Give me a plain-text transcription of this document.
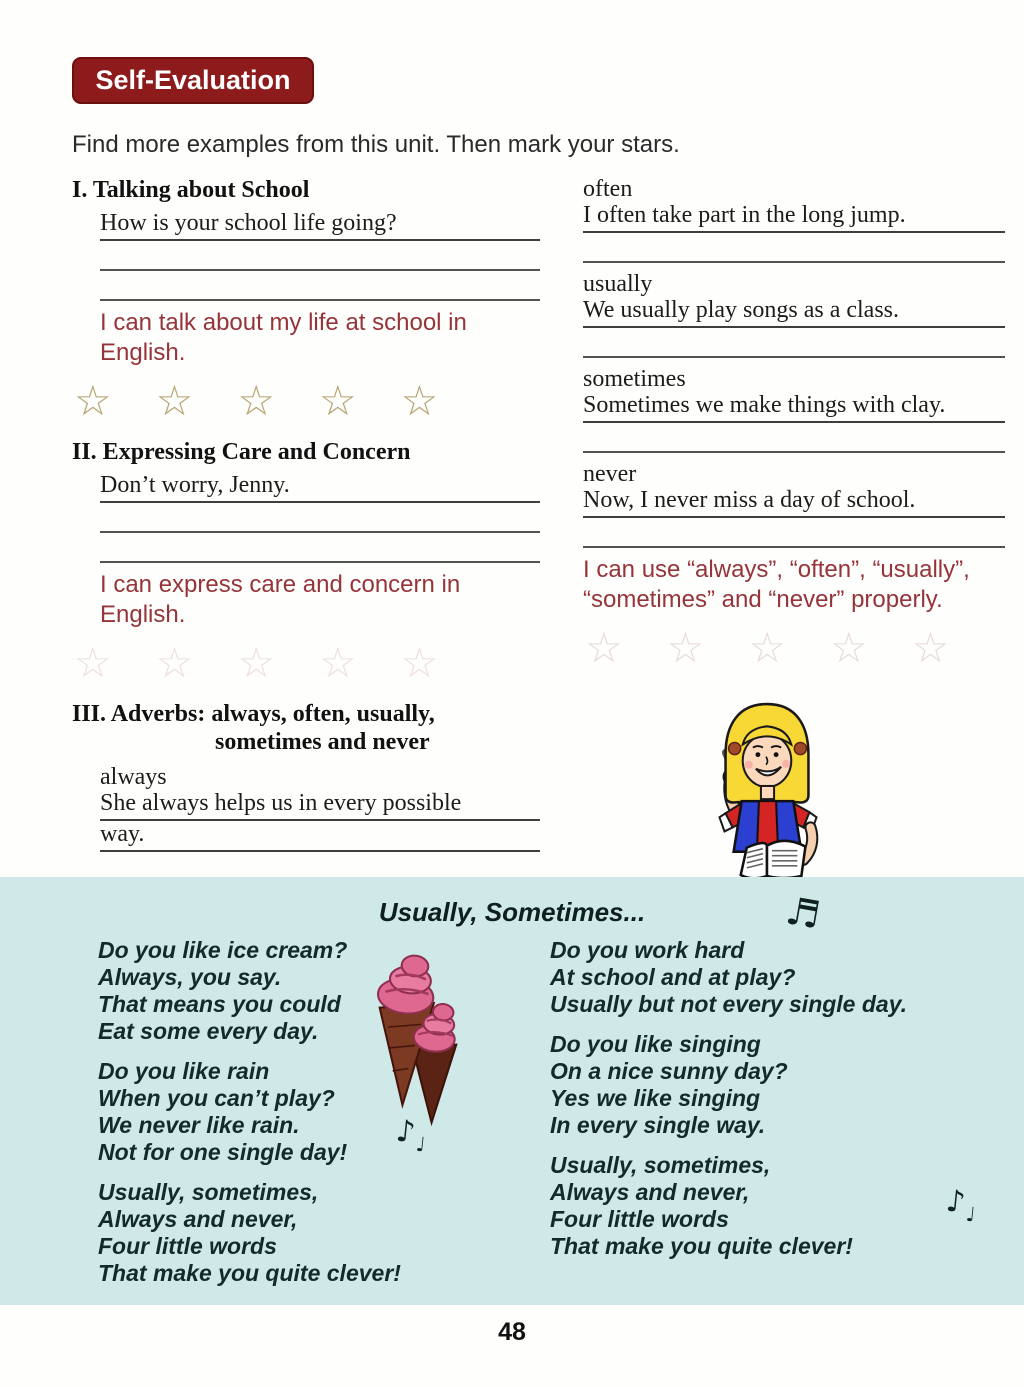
Self-Evaluation
Find more examples from this unit. Then mark your stars.
I. Talking about School
How is your school life going?
I can talk about my life at school in English.
☆ ☆ ☆ ☆ ☆
II. Expressing Care and Concern
Don’t worry, Jenny.
I can express care and concern in English.
☆ ☆ ☆ ☆ ☆
III. Adverbs: always, often, usually,
sometimes and never
always
She always helps us in every possible
way.
often
I often take part in the long jump.
usually
We usually play songs as a class.
sometimes
Sometimes we make things with clay.
never
Now, I never miss a day of school.
I can use “always”, “often”, “usually”, “sometimes” and “never” properly.
☆ ☆ ☆ ☆ ☆
Usually, Sometimes...	♬

Do you like ice cream?

Always, you say.

That means you could

Eat some every day.

Do you like rain

When you can’t play?

We never like rain.

Not for one single day!

Usually, sometimes,

Always and never,

Four little words

That make you quite clever!

Do you work hard

At school and at play?

Usually but not every single day.

Do you like singing

On a nice sunny day?

Yes we like singing

In every single way.

Usually, sometimes,

Always and never,

Four little words

That make you quite clever!

$♪_♩$
$♪_♩$
48
